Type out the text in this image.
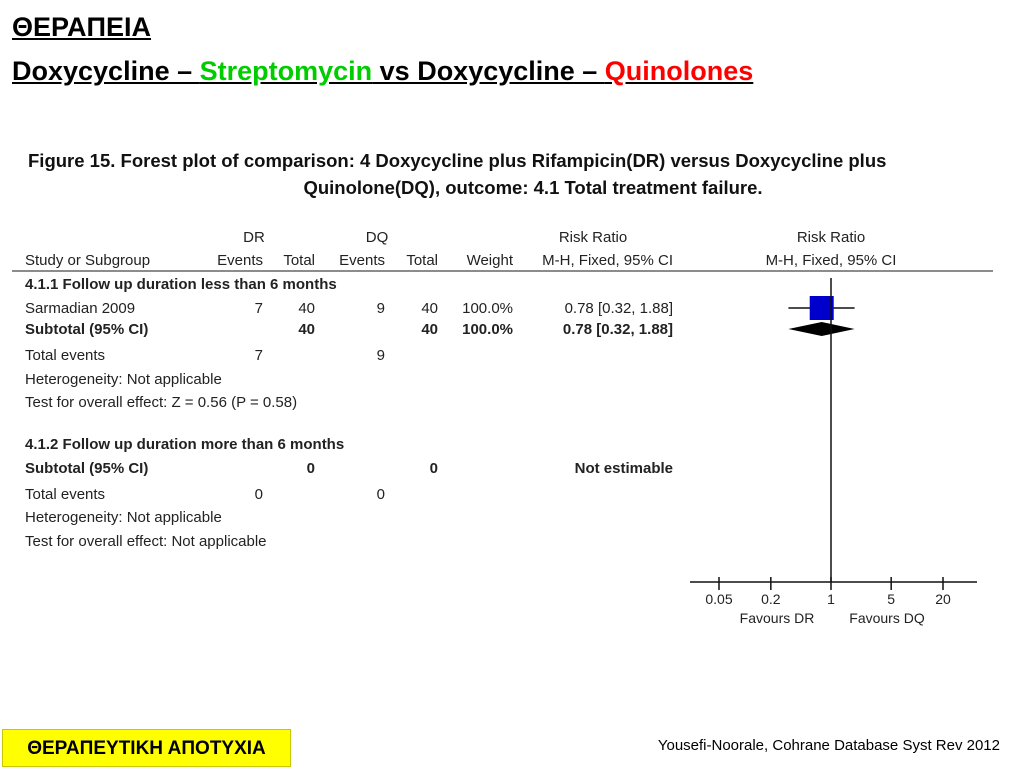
ΘΕΡΑΠΕΙΑ
Doxycycline – Streptomycin vs Doxycycline – Quinolones
Figure 15. Forest plot of comparison: 4 Doxycycline plus Rifampicin(DR) versus Doxycycline plus
Quinolone(DQ), outcome: 4.1 Total treatment failure.
DR	DQ	Risk Ratio	Risk Ratio
Study or Subgroup	Events Total Events Total Weight M-H, Fixed, 95% CI	M-H, Fixed, 95% CI
4.1.1 Follow up duration less than 6 months
Sarmadian 2009	7 40	9 40 100.0%	0.78 [0.32, 1.88]
Subtotal (95% CI)	40	40 100.0%	0.78 [0.32, 1.88]
Total events	7	9
Heterogeneity: Not applicable
Test for overall effect: Z = 0.56 (P = 0.58)
4.1.2 Follow up duration more than 6 months
Subtotal (95% CI)	0	0	Not estimable
Total events	0	0
Heterogeneity: Not applicable
Test for overall effect: Not applicable
0.05 0.2	1	5	20
Favours DR Favours DQ
ΘΕΡΑΠΕΥΤΙΚΗ ΑΠΟΤΥΧΙΑ	Yousefi-Noorale, Cohrane Database Syst Rev 2012
